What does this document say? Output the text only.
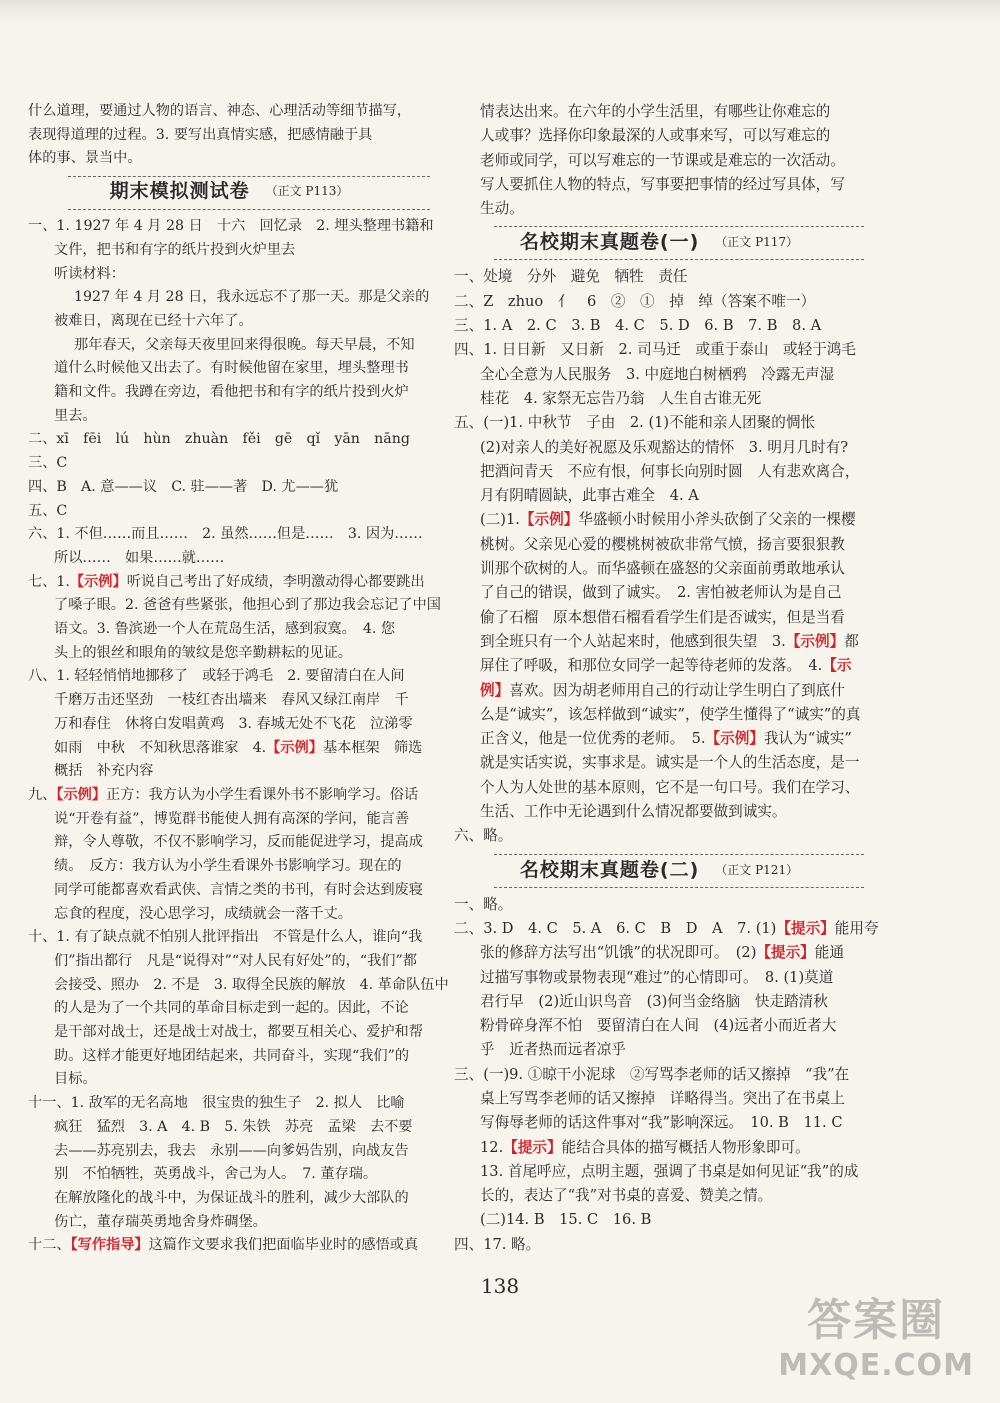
什么道理，要通过人物的语言、神态、心理活动等细节描写，
表现得道理的过程。3. 要写出真情实感，把感情融于具
体的事、景当中。
期末模拟测试卷 （正文 P113）
一、1. 1927 年 4 月 28 日　十六　回忆录　2. 埋头整理书籍和
文件，把书和有字的纸片投到火炉里去
听读材料：
1927 年 4 月 28 日，我永远忘不了那一天。那是父亲的
被难日，离现在已经十六年了。
那年春天，父亲每天夜里回来得很晚。每天早晨，不知
道什么时候他又出去了。有时候他留在家里，埋头整理书
籍和文件。我蹲在旁边，看他把书和有字的纸片投到火炉
里去。
二、xī　fēi　lú　hùn　zhuàn　fěi　gē　qǐ　yān　nāng
三、C
四、B　A. 意——议　C. 驻——著　D. 尤——犹
五、C
六、1. 不但……而且……　2. 虽然……但是……　3. 因为……
所以……　如果……就……
七、1.【示例】听说自己考出了好成绩，李明激动得心都要跳出
了嗓子眼。2. 爸爸有些紧张，他担心到了那边我会忘记了中国
语文。3. 鲁滨逊一个人在荒岛生活，感到寂寞。　4. 您
头上的银丝和眼角的皱纹是您辛勤耕耘的见证。
八、1. 轻轻悄悄地挪移了　或轻于鸿毛　2. 要留清白在人间
千磨万击还坚劲　一枝红杏出墙来　春风又绿江南岸　千
万和春住　休将白发唱黄鸡　3. 春城无处不飞花　泣涕零
如雨　中秋　不知秋思落谁家　4.【示例】基本框架　筛选
概括　补充内容
九、【示例】正方：我方认为小学生看课外书不影响学习。俗话
说“开卷有益”，博览群书能使人拥有高深的学问，能言善
辩，令人尊敬，不仅不影响学习，反而能促进学习，提高成
绩。　反方：我方认为小学生看课外书影响学习。现在的
同学可能都喜欢看武侠、言情之类的书刊，有时会达到废寝
忘食的程度，没心思学习，成绩就会一落千丈。
十、1. 有了缺点就不怕别人批评指出　不管是什么人，谁向“我
们”指出都行　凡是“说得对”“对人民有好处”的，“我们”都
会接受、照办　2. 不是　3. 取得全民族的解放　4. 革命队伍中
的人是为了一个共同的革命目标走到一起的。因此，不论
是干部对战士，还是战士对战士，都要互相关心、爱护和帮
助。这样才能更好地团结起来，共同奋斗，实现“我们”的
目标。
十一、1. 敌军的无名高地　很宝贵的独生子　2. 拟人　比喻
疯狂　猛烈　3. A　4. B　5. 朱铁　苏亮　孟梁　去不要
去——苏亮别去，我去　永别——向爹妈告别，向战友告
别　不怕牺牲，英勇战斗，舍己为人。　7. 董存瑞。
在解放隆化的战斗中，为保证战斗的胜利，减少大部队的
伤亡，董存瑞英勇地舍身炸碉堡。
十二、【写作指导】这篇作文要求我们把面临毕业时的感悟或真
情表达出来。在六年的小学生活里，有哪些让你难忘的
人或事？选择你印象最深的人或事来写，可以写难忘的
老师或同学，可以写难忘的一节课或是难忘的一次活动。
写人要抓住人物的特点，写事要把事情的经过写具体，写
生动。
名校期末真题卷(一) （正文 P117）
一、处境　分外　避免　牺牲　责任
二、Z　zhuo　⺅　6　②　①　掉　绰（答案不唯一）
三、1. A　2. C　3. B　4. C　5. D　6. B　7. B　8. A
四、1. 日日新　又日新　2. 司马迁　或重于泰山　或轻于鸿毛
全心全意为人民服务　3. 中庭地白树栖鸦　冷露无声湿
桂花　4. 家祭无忘告乃翁　人生自古谁无死
五、(一)1. 中秋节　子由　2. (1)不能和亲人团聚的惆怅
(2)对亲人的美好祝愿及乐观豁达的情怀　3. 明月几时有?
把酒问青天　不应有恨，何事长向别时圆　人有悲欢离合，
月有阴晴圆缺，此事古难全　4. A
(二)1.【示例】华盛顿小时候用小斧头砍倒了父亲的一棵樱
桃树。父亲见心爱的樱桃树被砍非常气愤，扬言要狠狠教
训那个砍树的人。而华盛顿在盛怒的父亲面前勇敢地承认
了自己的错误，做到了诚实。　2. 害怕被老师认为是自己
偷了石榴　原本想借石榴看看学生们是否诚实，但是当看
到全班只有一个人站起来时，他感到很失望　3.【示例】都
屏住了呼吸，和那位女同学一起等待老师的发落。　4.【示
例】喜欢。因为胡老师用自己的行动让学生明白了到底什
么是“诚实”，该怎样做到“诚实”，使学生懂得了“诚实”的真
正含义，他是一位优秀的老师。　5.【示例】我认为“诚实”
就是实话实说，实事求是。诚实是一个人的生活态度，是一
个人为人处世的基本原则，它不是一句口号。我们在学习、
生活、工作中无论遇到什么情况都要做到诚实。
六、略。
名校期末真题卷(二) （正文 P121）
一、略。
二、3. D　4. C　5. A　6. C　B　D　A　7. (1)【提示】能用夸
张的修辞方法写出“饥饿”的状况即可。　(2)【提示】能通
过描写事物或景物表现“难过”的心情即可。　8. (1)莫道
君行早　(2)近山识鸟音　(3)何当金络脑　快走踏清秋
粉骨碎身浑不怕　要留清白在人间　(4)远者小而近者大
乎　近者热而远者凉乎
三、(一)9. ①晾干小泥球　②写骂李老师的话又擦掉　“我”在
桌上写骂李老师的话又擦掉　详略得当。突出了在书桌上
写侮辱老师的话这件事对“我”影响深远。　10. B　11. C
12.【提示】能结合具体的描写概括人物形象即可。
13. 首尾呼应，点明主题，强调了书桌是如何见证“我”的成
长的，表达了“我”对书桌的喜爱、赞美之情。
(二)14. B　15. C　16. B
四、17. 略。
138
答案圈
MXQE.COM
